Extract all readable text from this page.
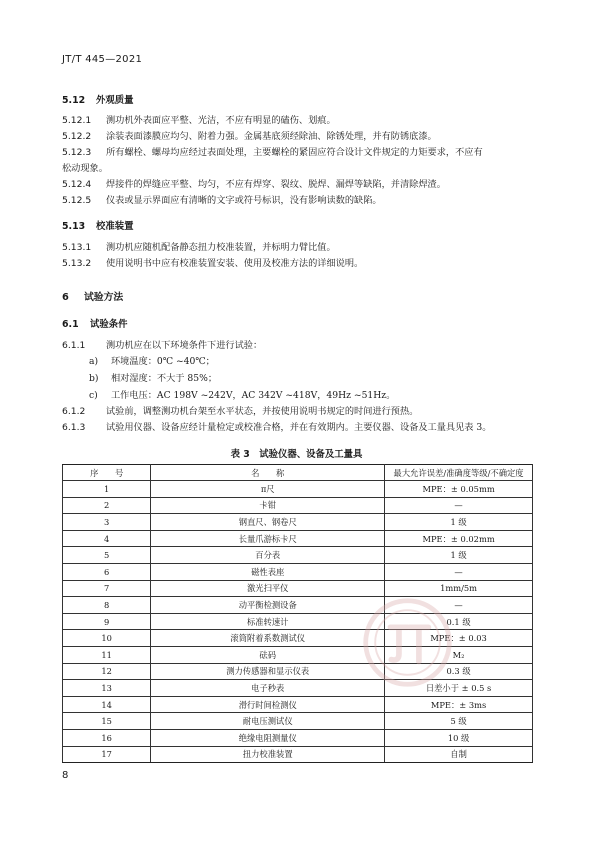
JT/T 445—2021
5.12 外观质量
5.12.1 测功机外表面应平整、光洁，不应有明显的磕伤、划痕。
5.12.2 涂装表面漆膜应均匀、附着力强。金属基底须经除油、除锈处理，并有防锈底漆。
5.12.3 所有螺栓、螺母均应经过表面处理，主要螺栓的紧固应符合设计文件规定的力矩要求，不应有
松动现象。
5.12.4 焊接件的焊缝应平整、均匀，不应有焊穿、裂纹、脱焊、漏焊等缺陷，并清除焊渣。
5.12.5 仪表或显示界面应有清晰的文字或符号标识，没有影响读数的缺陷。
5.13 校准装置
5.13.1 测功机应随机配备静态扭力校准装置，并标明力臂比值。
5.13.2 使用说明书中应有校准装置安装、使用及校准方法的详细说明。
6 试验方法
6.1 试验条件
6.1.1 测功机应在以下环境条件下进行试验：
a) 环境温度：0℃ ~40℃；
b) 相对湿度：不大于 85%；
c) 工作电压：AC 198V ~242V，AC 342V ~418V，49Hz ~51Hz。
6.1.2 试验前，调整测功机台架至水平状态，并按使用说明书规定的时间进行预热。
6.1.3 试验用仪器、设备应经计量检定或校准合格，并在有效期内。主要仪器、设备及工量具见表 3。
表 3　试验仪器、设备及工量具
序　　号	名　　称	最大允许误差/准确度等级/不确定度
1	π尺	MPE：± 0.05mm
2	卡钳	—
3	钢直尺、钢卷尺	1 级
4	长量爪游标卡尺	MPE：± 0.02mm
5	百分表	1 级
6	磁性表座	—
7	激光扫平仪	1mm/5m
8	动平衡检测设备	—
9	标准转速计	0.1 级
10	滚筒附着系数测试仪	MPE：± 0.03
11	砝码	M₂
12	测力传感器和显示仪表	0.3 级
13	电子秒表	日差小于 ± 0.5 s
14	滑行时间检测仪	MPE：± 3ms
15	耐电压测试仪	5 级
16	绝缘电阻测量仪	10 级
17	扭力校准装置	自制
8
